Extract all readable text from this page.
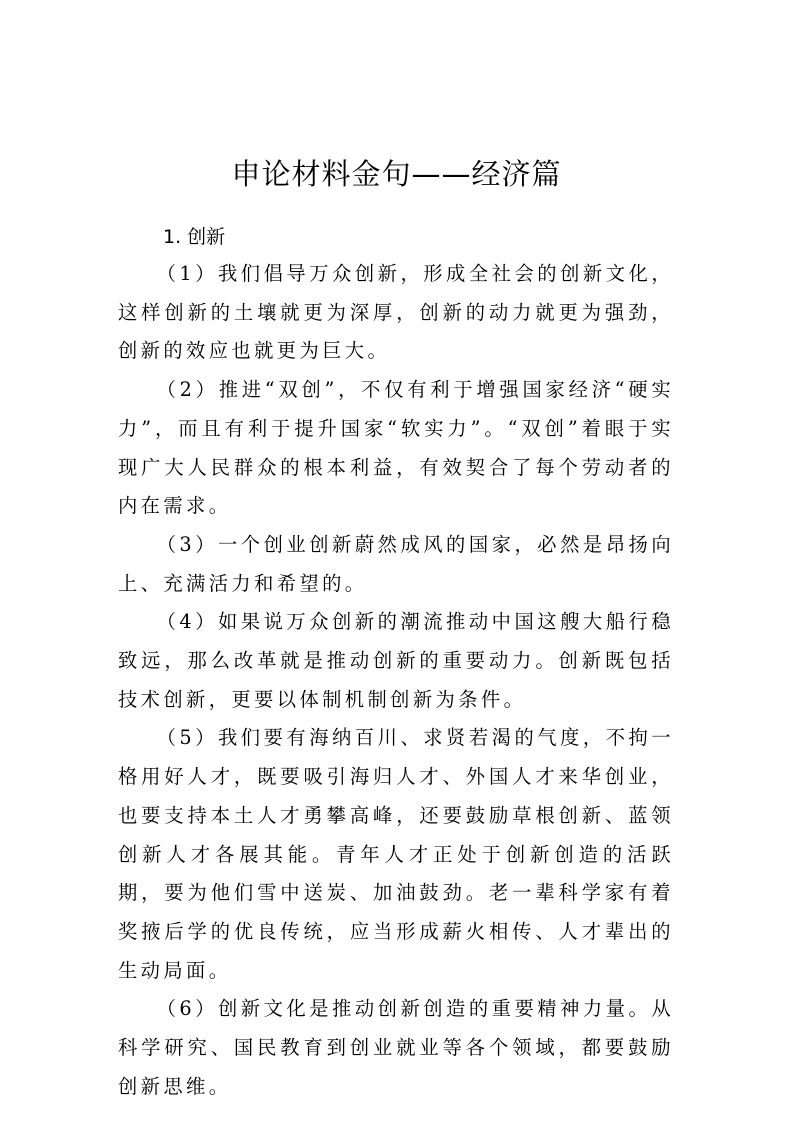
申论材料金句——经济篇
1. 创新

（1）我们倡导万众创新，形成全社会的创新文化，这样创新的土壤就更为深厚，创新的动力就更为强劲，创新的效应也就更为巨大。

（2）推进“双创”，不仅有利于增强国家经济“硬实力”，而且有利于提升国家“软实力”。“双创”着眼于实现广大人民群众的根本利益，有效契合了每个劳动者的内在需求。

（3）一个创业创新蔚然成风的国家，必然是昂扬向上、充满活力和希望的。

（4）如果说万众创新的潮流推动中国这艘大船行稳致远，那么改革就是推动创新的重要动力。创新既包括技术创新，更要以体制机制创新为条件。

（5）我们要有海纳百川、求贤若渴的气度，不拘一格用好人才，既要吸引海归人才、外国人才来华创业，也要支持本土人才勇攀高峰，还要鼓励草根创新、蓝领创新人才各展其能。青年人才正处于创新创造的活跃期，要为他们雪中送炭、加油鼓劲。老一辈科学家有着奖掖后学的优良传统，应当形成薪火相传、人才辈出的生动局面。

（6）创新文化是推动创新创造的重要精神力量。从科学研究、国民教育到创业就业等各个领域，都要鼓励创新思维。
